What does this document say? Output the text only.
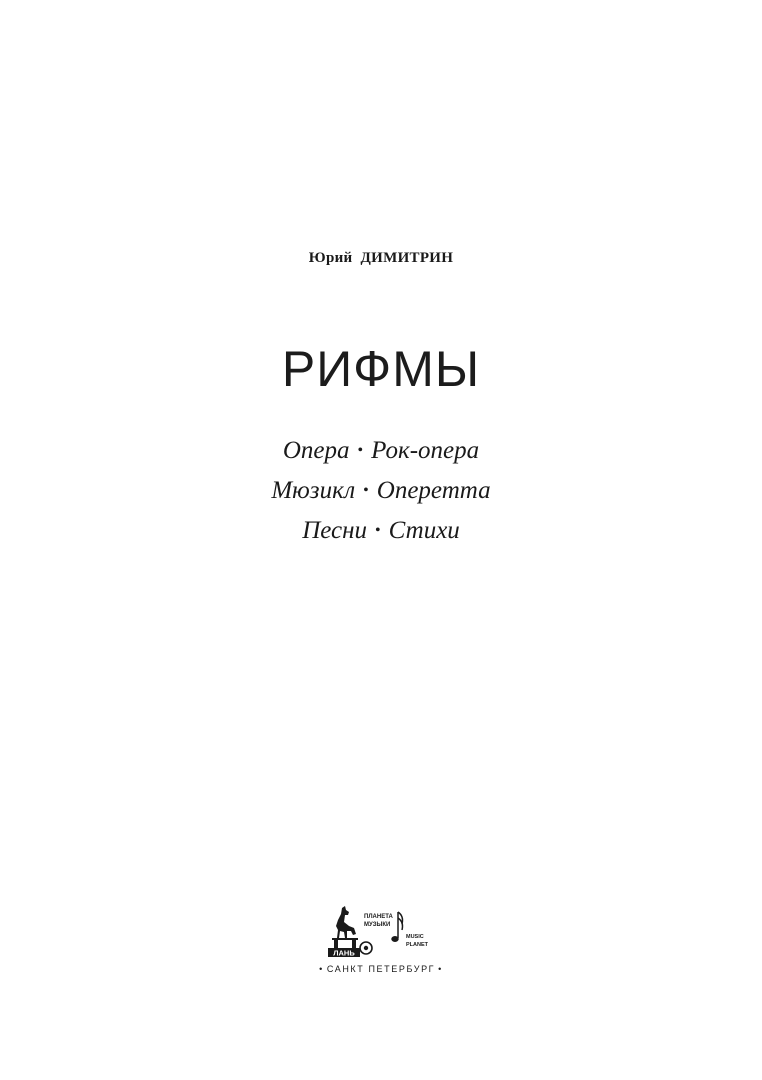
Юрий ДИМИТРИН
РИФМЫ
Опера • Рок-опера
Мюзикл • Оперетта
Песни • Стихи
ЛАНЬ
ПЛАНЕТА
МУЗЫКИ
MUSIC
PLANET
• САНКТ ПЕТЕРБУРГ •
